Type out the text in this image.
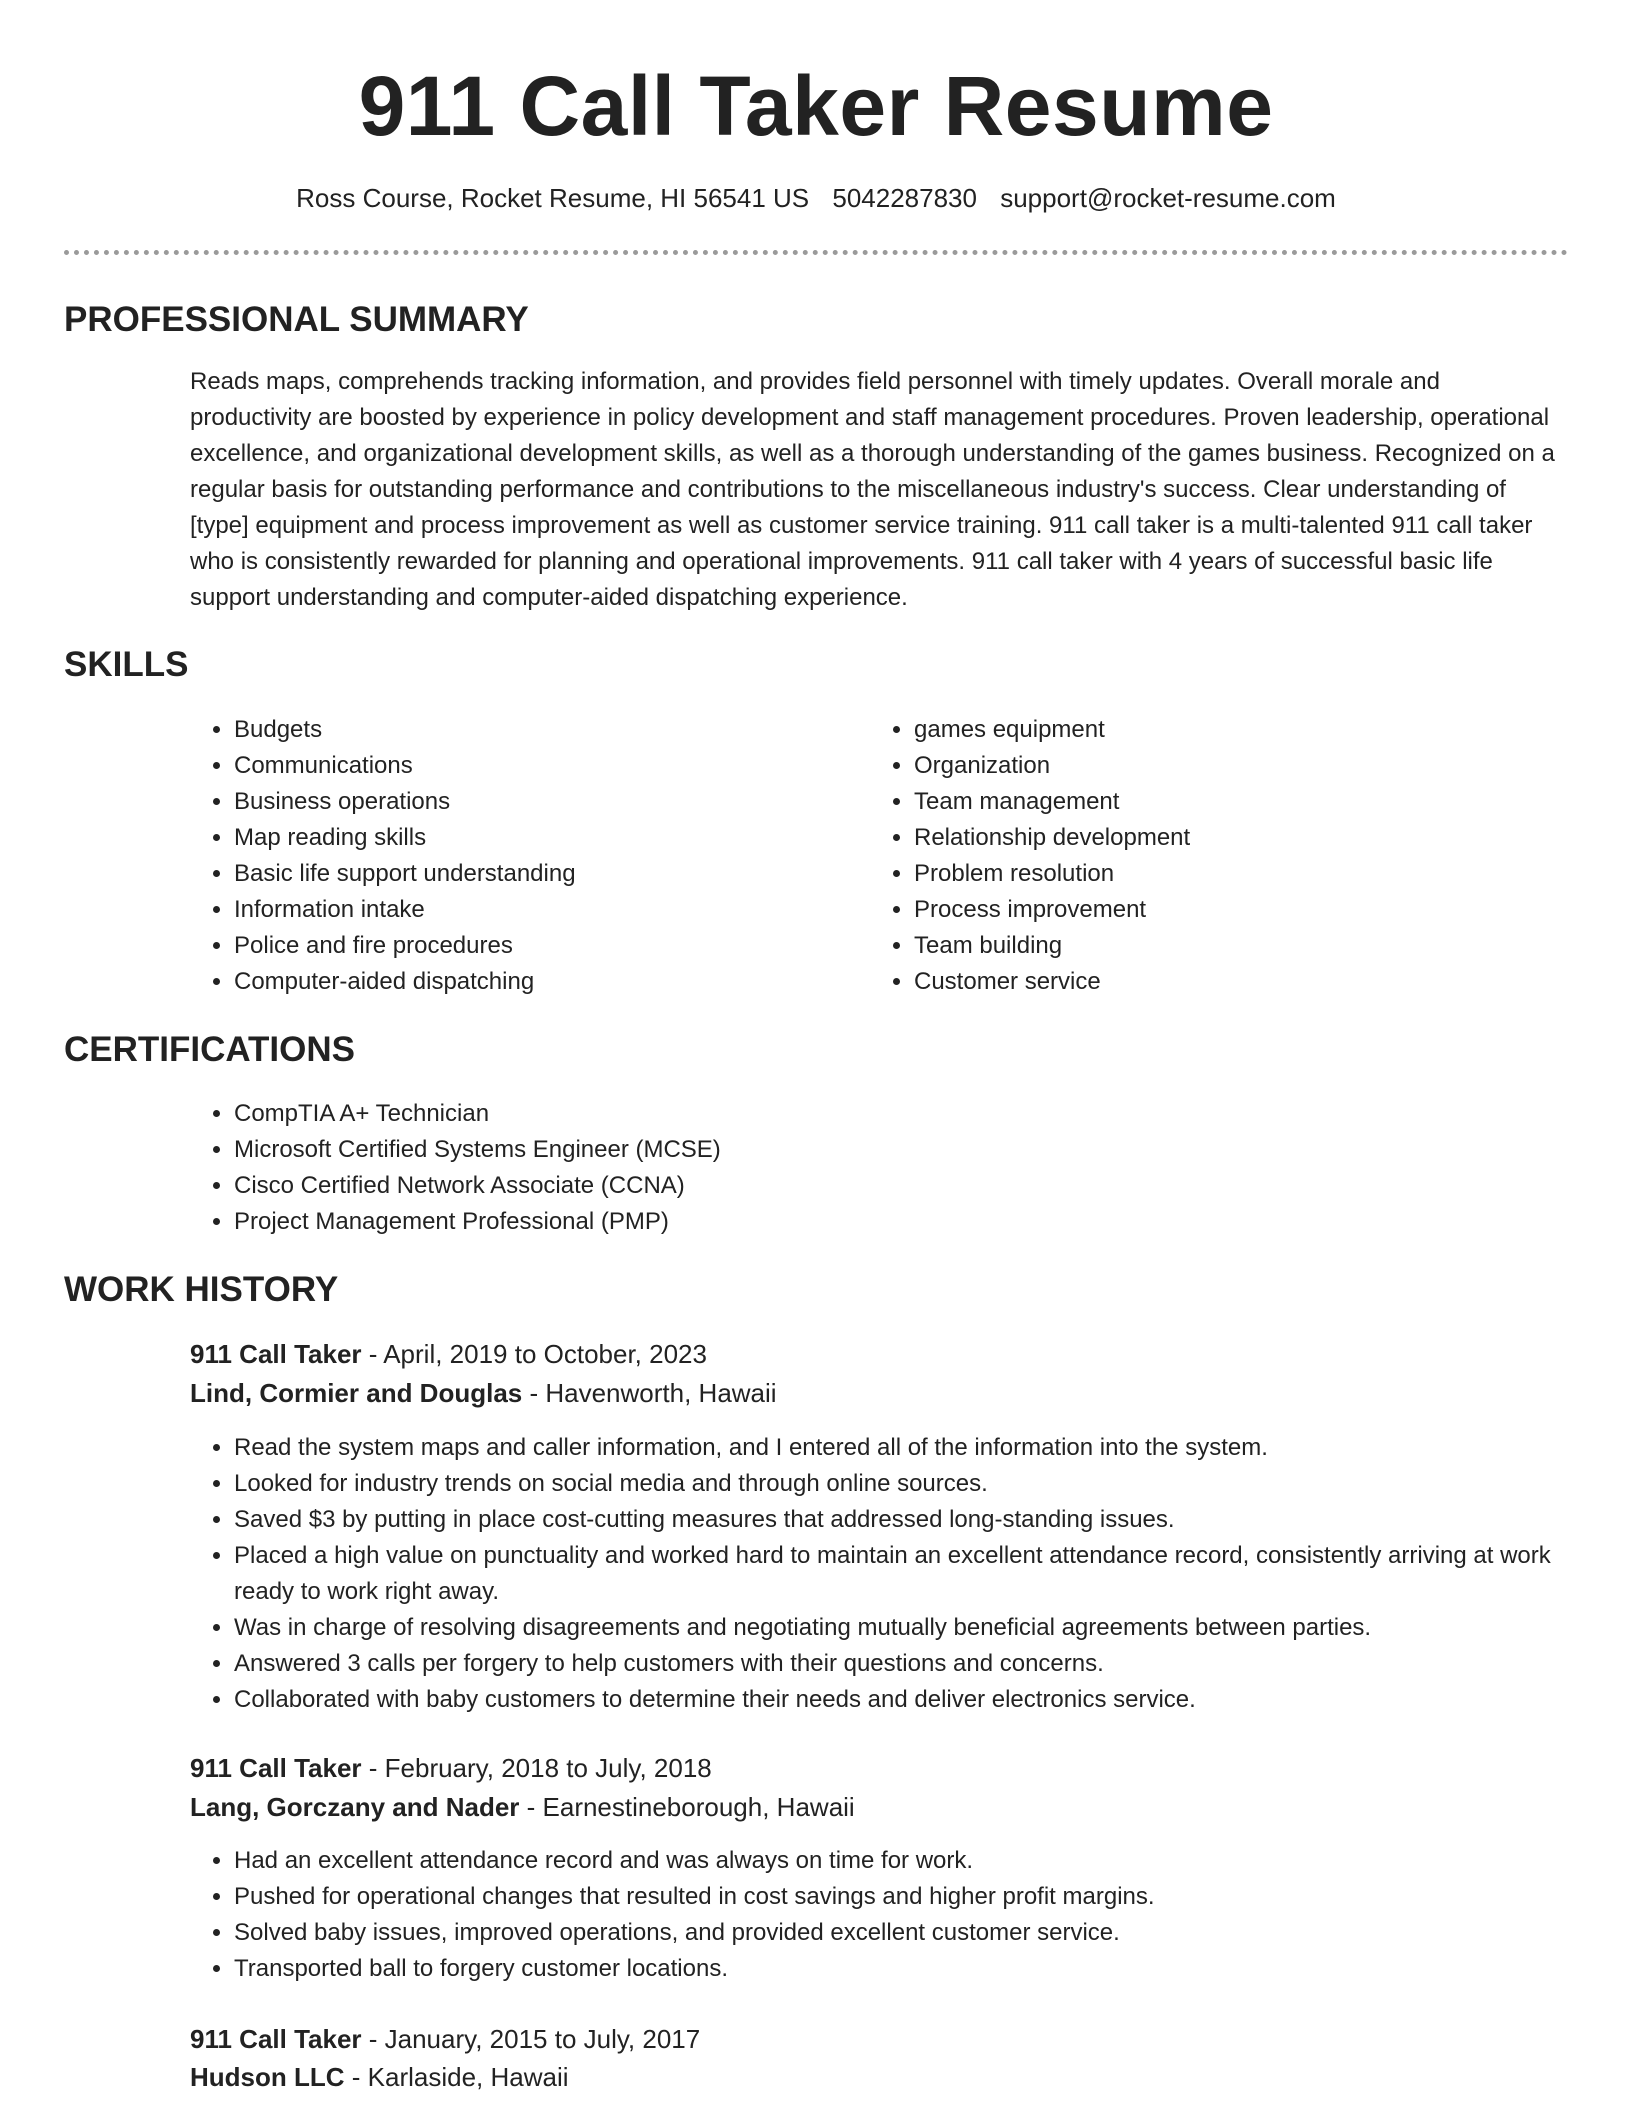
911 Call Taker Resume
Ross Course, Rocket Resume, HI 56541 US 5042287830 support@rocket-resume.com
PROFESSIONAL SUMMARY

Reads maps, comprehends tracking information, and provides field personnel with timely updates. Overall morale and productivity are boosted by experience in policy development and staff management procedures. Proven leadership, operational excellence, and organizational development skills, as well as a thorough understanding of the games business. Recognized on a regular basis for outstanding performance and contributions to the miscellaneous industry's success. Clear understanding of [type] equipment and process improvement as well as customer service training. 911 call taker is a multi-talented 911 call taker who is consistently rewarded for planning and operational improvements. 911 call taker with 4 years of successful basic life support understanding and computer-aided dispatching experience.

SKILLS
• Budgets
• Communications
• Business operations
• Map reading skills
• Basic life support understanding
• Information intake
• Police and fire procedures
• Computer-aided dispatching
• games equipment
• Organization
• Team management
• Relationship development
• Problem resolution
• Process improvement
• Team building
• Customer service
CERTIFICATIONS
• CompTIA A+ Technician
• Microsoft Certified Systems Engineer (MCSE)
• Cisco Certified Network Associate (CCNA)
• Project Management Professional (PMP)
WORK HISTORY
911 Call Taker - April, 2019 to October, 2023
Lind, Cormier and Douglas - Havenworth, Hawaii
• Read the system maps and caller information, and I entered all of the information into the system.
• Looked for industry trends on social media and through online sources.
• Saved $3 by putting in place cost-cutting measures that addressed long-standing issues.
• Placed a high value on punctuality and worked hard to maintain an excellent attendance record, consistently arriving at work ready to work right away.
• Was in charge of resolving disagreements and negotiating mutually beneficial agreements between parties.
• Answered 3 calls per forgery to help customers with their questions and concerns.
• Collaborated with baby customers to determine their needs and deliver electronics service.
911 Call Taker - February, 2018 to July, 2018
Lang, Gorczany and Nader - Earnestineborough, Hawaii
• Had an excellent attendance record and was always on time for work.
• Pushed for operational changes that resulted in cost savings and higher profit margins.
• Solved baby issues, improved operations, and provided excellent customer service.
• Transported ball to forgery customer locations.
911 Call Taker - January, 2015 to July, 2017
Hudson LLC - Karlaside, Hawaii
